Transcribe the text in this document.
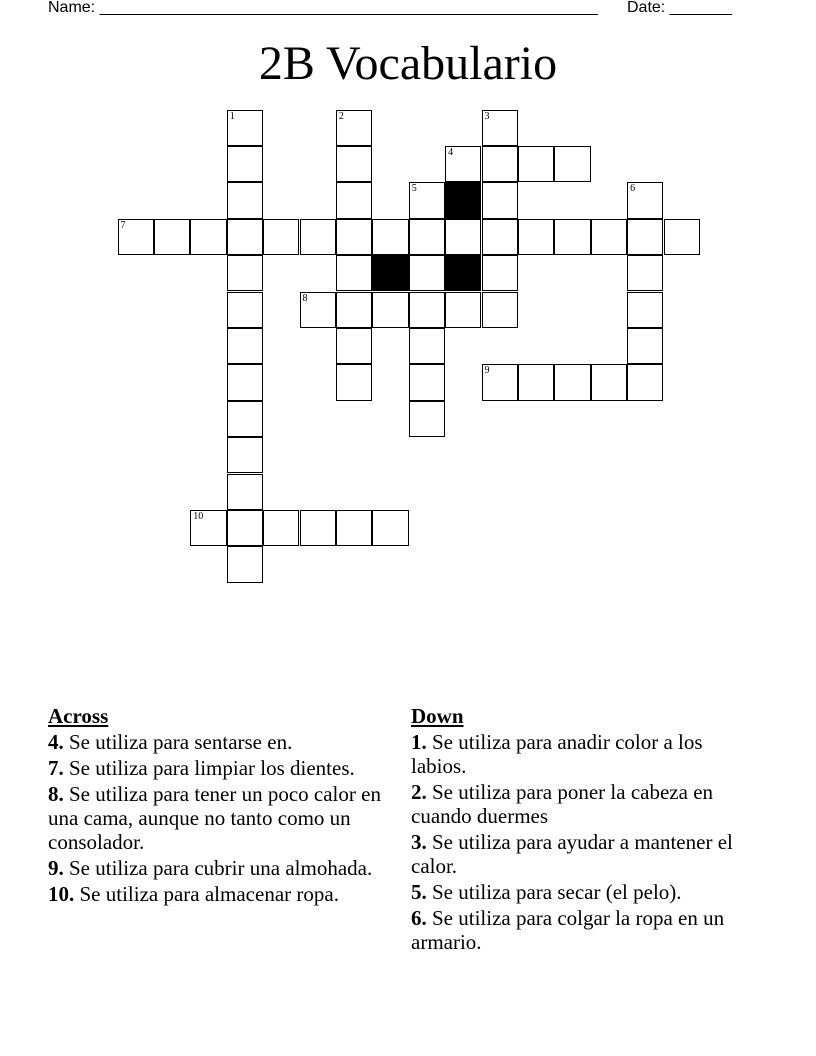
Name: ________________________________________________________ Date: _______
2B Vocabulario
1	2	3
4
5	6
7
8
9
10
Across
4. Se utiliza para sentarse en.
7. Se utiliza para limpiar los dientes.
8. Se utiliza para tener un poco calor en una cama, aunque no tanto como un consolador.
9. Se utiliza para cubrir una almohada.
10. Se utiliza para almacenar ropa.
Down
1. Se utiliza para anadir color a los labios.
2. Se utiliza para poner la cabeza en cuando duermes
3. Se utiliza para ayudar a mantener el calor.
5. Se utiliza para secar (el pelo).
6. Se utiliza para colgar la ropa en un armario.
